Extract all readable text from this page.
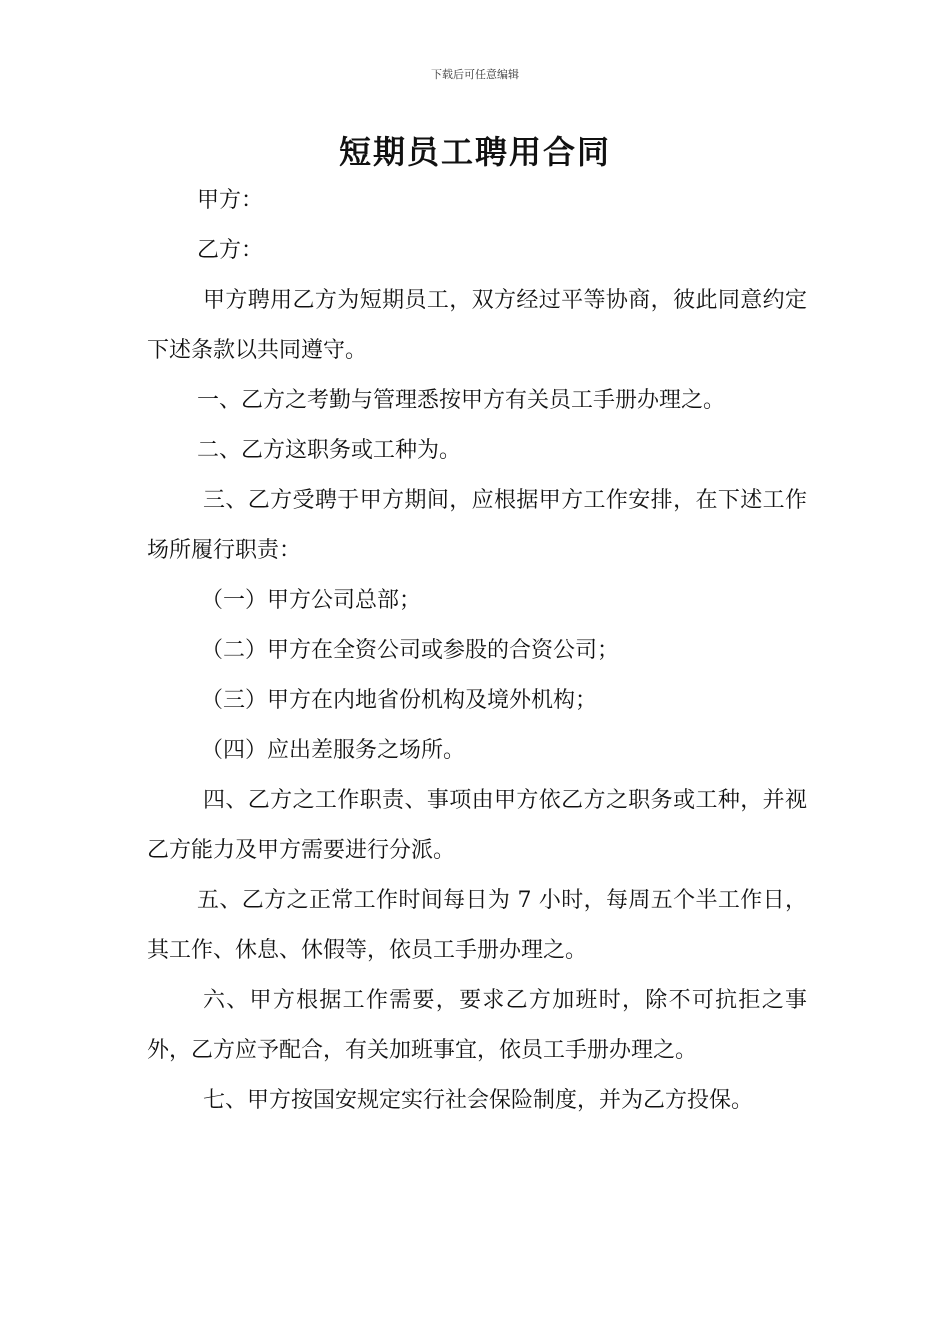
下载后可任意编辑
短期员工聘用合同

甲方：

乙方：

甲方聘用乙方为短期员工，双方经过平等协商，彼此同意约定下述条款以共同遵守。

一、乙方之考勤与管理悉按甲方有关员工手册办理之。

二、乙方这职务或工种为。

三、乙方受聘于甲方期间，应根据甲方工作安排，在下述工作场所履行职责：

（一）甲方公司总部；

（二）甲方在全资公司或参股的合资公司；

（三）甲方在内地省份机构及境外机构；

（四）应出差服务之场所。

四、乙方之工作职责、事项由甲方依乙方之职务或工种，并视乙方能力及甲方需要进行分派。

五、乙方之正常工作时间每日为 7 小时，每周五个半工作日，其工作、休息、休假等，依员工手册办理之。

六、甲方根据工作需要，要求乙方加班时，除不可抗拒之事外，乙方应予配合，有关加班事宜，依员工手册办理之。

七、甲方按国安规定实行社会保险制度，并为乙方投保。
